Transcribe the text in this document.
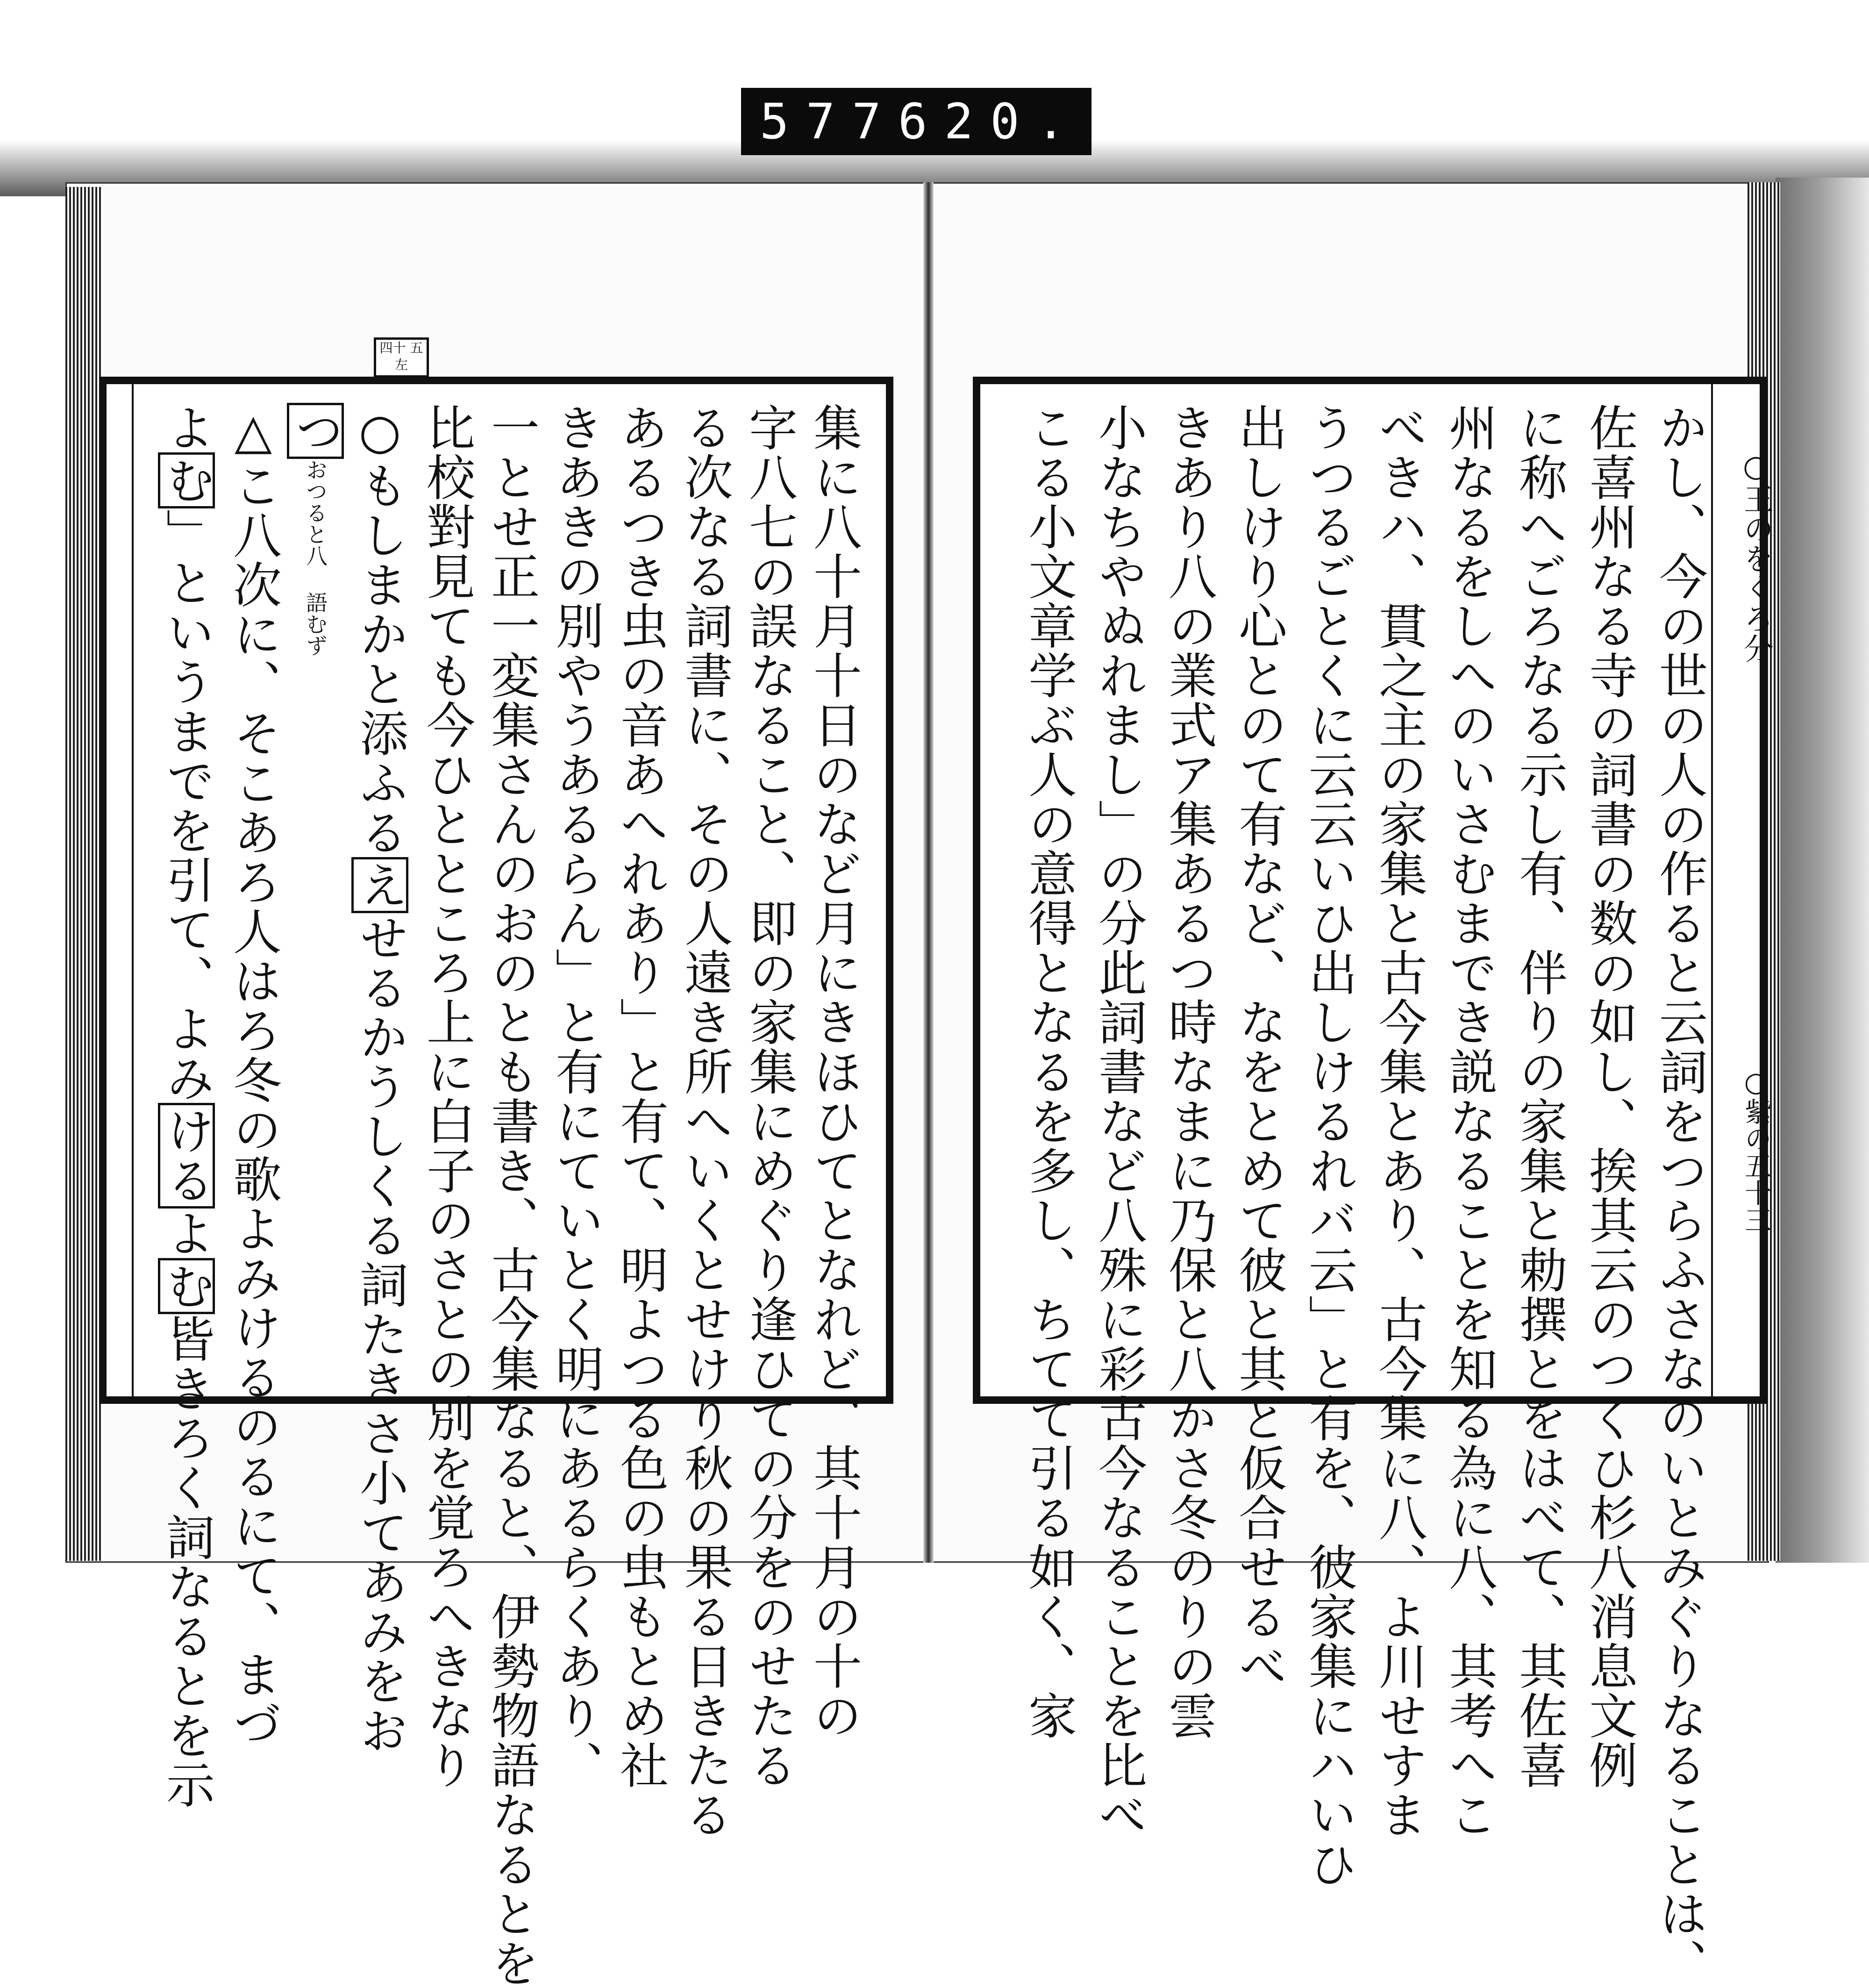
577 620.
四十 五 左
集に八十月十日のなど月にきほひてとなれど、其十月の十の
字八七の誤なること、即の家集にめぐり逢ひての分をのせたる
る次なる詞書に、その人遠き所へいくとせけり秋の果る日きたる
あるつき虫の音あへれあり」と有て、明よつる色の虫もとめ社
きあきの別やうあるらん」と有にていとく明にあるらくあり、
一とせ正一変集さんのおのとも書き、古今集なると、伊勢物語なるとを
比校對見ても今ひとところ上に白子のさとの別を覚ろへきなり
○もしまかと添ふるえせるかうしくる詞たきさ小てあみをお
つおつると八 語むず
△こ八次に、そこあろ人はろ冬の歌よみけるのるにて、まづ
よむ」というまでを引て、よみけるよむ皆きろく詞なるとを示	かし、今の世の人の作ると云詞をつらふさなのいとみぐりなることは、
佐喜州なる寺の詞書の数の如し、挨其云のつくひ杉八消息文例
に称へごろなる示し有、伴りの家集と勅撰とをはべて、其佐喜
州なるをしへのいさむまでき説なることを知る為に八、其考へこ
べきハ、貫之主の家集と古今集とあり、古今集に八、よ川せすま
うつるごとくに云云いひ出しけるれバ云」と有を、彼家集にハいひ
出しけり心とのて有など、なをとめて彼と其と仮合せるべ
きあり八の業式ア集あるつ時なまに乃保と八かさ冬のりの雲
小なちやぬれまし」の分此詞書など八殊に彩古今なることを比べ
こる小文章学ぶ人の意得となるを多し、ちてて引る如く、家	○玉のをくろ分
○紫の五十三
